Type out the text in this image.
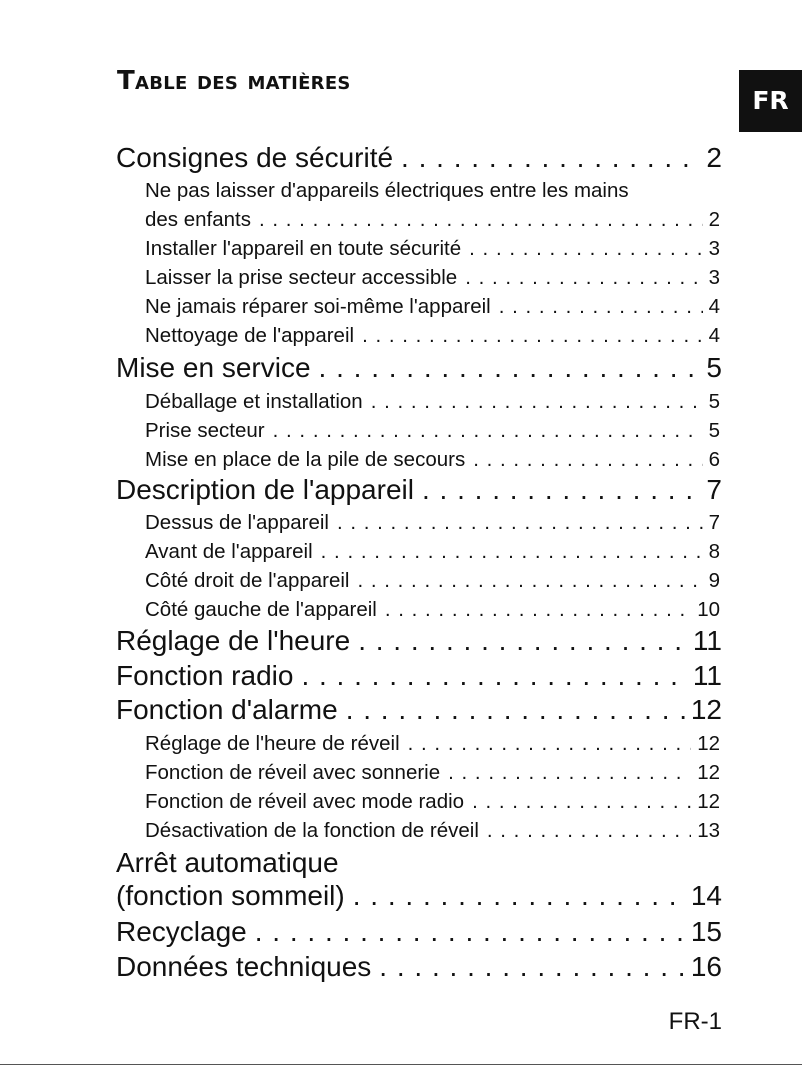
Table des matières
FR
Consignes de sécurité . . .	2
Ne pas laisser d'appareils électriques entre les mains
des enfants . . .	2
Installer l'appareil en toute sécurité . . .	3
Laisser la prise secteur accessible . . .	3
Ne jamais réparer soi-même l'appareil . . .	4
Nettoyage de l'appareil . . .	4
Mise en service . . .	5
Déballage et installation . . .	5
Prise secteur . . .	5
Mise en place de la pile de secours . . .	6
Description de l'appareil . . .	7
Dessus de l'appareil . . .	7
Avant de l'appareil . . .	8
Côté droit de l'appareil . . .	9
Côté gauche de l'appareil . . .	10
Réglage de l'heure . . .	11
Fonction radio . . .	11
Fonction d'alarme . . .	12
Réglage de l'heure de réveil . . .	12
Fonction de réveil avec sonnerie . . .	12
Fonction de réveil avec mode radio . . .	12
Désactivation de la fonction de réveil . . .	13
Arrêt automatique
(fonction sommeil) . . .	14
Recyclage . . .	15
Données techniques . . .	16
FR-1
